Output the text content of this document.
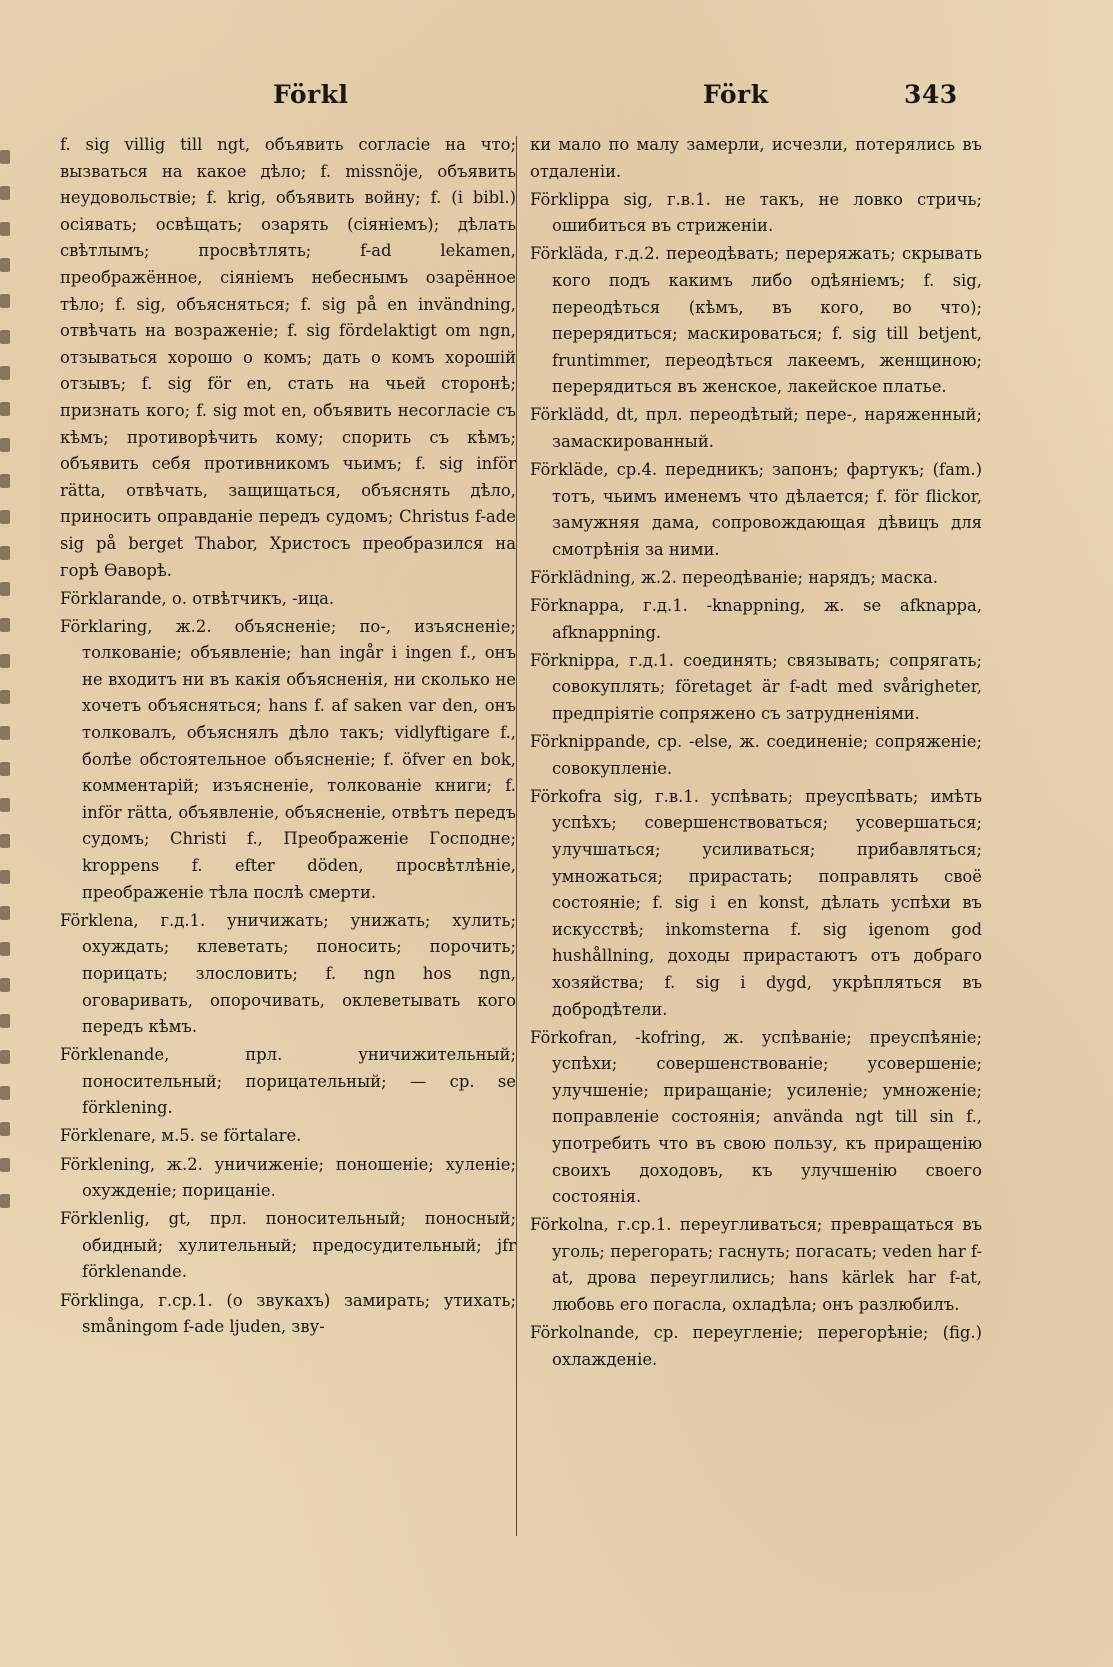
Förkl	Förk	343

f. sig villig till ngt, объявить согласіе на что; вызваться на какое дѣло; f. missnöje, объявить неудовольствіе; f. krig, объявить войну; f. (i bibl.) осіявать; освѣщать; озарять (сіяніемъ); дѣлать свѣтлымъ; просвѣтлять; f-ad lekamen, преображённое, сіяніемъ небеснымъ озарённое тѣло; f. sig, объясняться; f. sig på en invändning, отвѣчать на возраженіе; f. sig fördelaktigt om ngn, отзываться хорошо о комъ; дать о комъ хорошій отзывъ; f. sig för en, стать на чьей сторонѣ; признать кого; f. sig mot en, объявить несогласіе съ кѣмъ; противорѣчить кому; спорить съ кѣмъ; объявить себя противникомъ чьимъ; f. sig inför rätta, отвѣчать, защищаться, объяснять дѣло, приносить оправданіе передъ судомъ; Christus f-ade sig på berget Thabor, Христосъ преобразился на горѣ Ѳаворѣ.

Förklarande, о. отвѣтчикъ, -ица.

Förklaring, ж.2. объясненіе; по-, изъясненіе; толкованіе; объявленіе; han ingår i ingen f., онъ не входитъ ни въ какія объясненія, ни сколько не хочетъ объясняться; hans f. af saken var den, онъ толковалъ, объяснялъ дѣло такъ; vidlyftigare f., болѣе обстоятельное объясненіе; f. öfver en bok, комментарій; изъясненіе, толкованіе книги; f. inför rätta, объявленіе, объясненіе, отвѣтъ передъ судомъ; Christi f., Преображеніе Господне; kroppens f. efter döden, просвѣтлѣніе, преображеніе тѣла послѣ смерти.

Förklena, г.д.1. уничижать; унижать; хулить; охуждать; клеветать; поносить; порочить; порицать; злословить; f. ngn hos ngn, оговаривать, опорочивать, оклеветывать кого передъ кѣмъ.

Förklenande, прл. уничижительный; поносительный; порицательный; — ср. se förklening.

Förklenare, м.5. se förtalare.

Förklening, ж.2. уничиженіе; поношеніе; хуленіе; охужденіе; порицаніе.

Förklenlig, gt, прл. поносительный; поносный; обидный; хулительный; предосудительный; jfr förklenande.

Förklinga, г.ср.1. (о звукахъ) замирать; утихать; småningom f-ade ljuden, зву-

ки мало по малу замерли, исчезли, потерялись въ отдаленіи.

Förklippa sig, г.в.1. не такъ, не ловко стричь; ошибиться въ стриженіи.

Förkläda, г.д.2. переодѣвать; переряжать; скрывать кого подъ какимъ либо одѣяніемъ; f. sig, переодѣться (кѣмъ, въ кого, во что); перерядиться; маскироваться; f. sig till betjent, fruntimmer, переодѣться лакеемъ, женщиною; перерядиться въ женское, лакейское платье.

Förklädd, dt, прл. переодѣтый; пере-, наряженный; замаскированный.

Förkläde, ср.4. передникъ; запонъ; фартукъ; (fam.) тотъ, чьимъ именемъ что дѣлается; f. för flickor, замужняя дама, сопровождающая дѣвицъ для смотрѣнія за ними.

Förklädning, ж.2. переодѣваніе; нарядъ; маска.

Förknappa, г.д.1. -knappning, ж. se afknappa, afknappning.

Förknippa, г.д.1. соединять; связывать; сопрягать; совокуплять; företaget är f-adt med svårigheter, предпріятіе сопряжено съ затрудненіями.

Förknippande, ср. -else, ж. соединеніе; сопряженіе; совокупленіе.

Förkofra sig, г.в.1. успѣвать; преуспѣвать; имѣть успѣхъ; совершенствоваться; усовершаться; улучшаться; усиливаться; прибавляться; умножаться; прирастать; поправлять своё состояніе; f. sig i en konst, дѣлать успѣхи въ искусствѣ; inkomsterna f. sig igenom god hushållning, доходы прирастаютъ отъ добраго хозяйства; f. sig i dygd, укрѣпляться въ добродѣтели.

Förkofran, -kofring, ж. успѣваніе; преуспѣяніе; успѣхи; совершенствованіе; усовершеніе; улучшеніе; приращаніе; усиленіе; умноженіе; поправленіе состоянія; använda ngt till sin f., употребить что въ свою пользу, къ приращенію своихъ доходовъ, къ улучшенію своего состоянія.

Förkolna, г.ср.1. переугливаться; превращаться въ уголь; перегорать; гаснуть; погасать; veden har f-at, дрова переуглились; hans kärlek har f-at, любовь его погасла, охладѣла; онъ разлюбилъ.

Förkolnande, ср. переугленіе; перегорѣніе; (fig.) охлажденіе.
